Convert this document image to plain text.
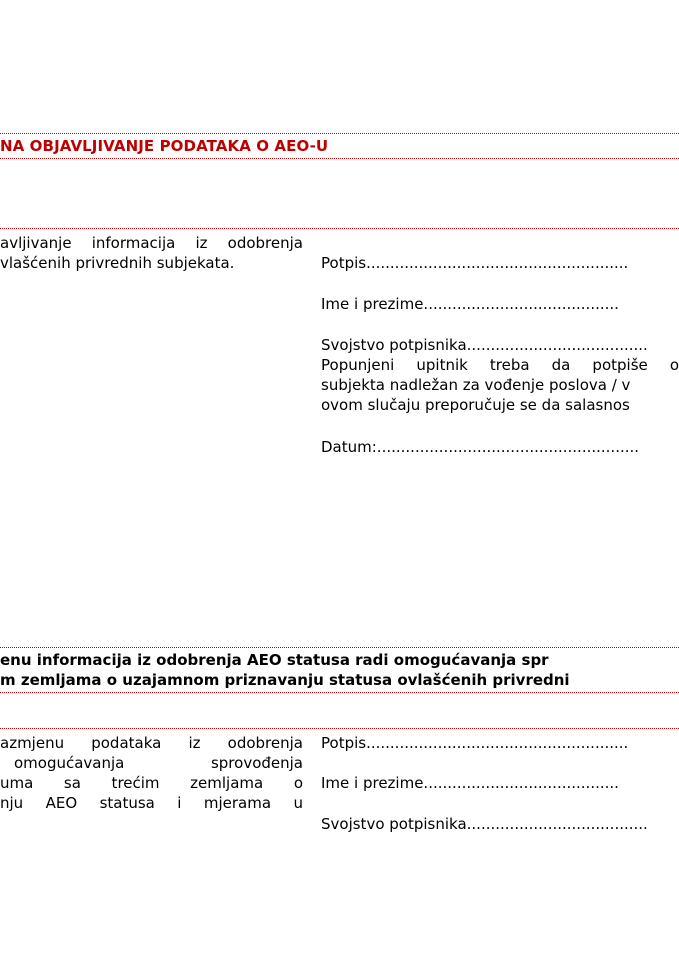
NA OBJAVLJIVANJE PODATAKA O AEO-U
avljivanje informacija iz odobrenja
vlašćenih privrednih subjekata.	Potpis.......................................................
Ime i prezime.........................................
Svojstvo potpisnika......................................
Popunjeni upitnik treba da potpiše o
subjekta nadležan za vođenje poslova / v
ovom slučaju preporučuje se da salasnos
Datum:.......................................................
enu informacija iz odobrenja AEO statusa radi omogućavanja spr
m zemljama o uzajamnom priznavanju statusa ovlašćenih privredni
azmjenu podataka iz odobrenja
omogućavanja sprovođenja
uma sa trećim zemljama o
nju AEO statusa i mjerama u
Potpis.......................................................
Ime i prezime.........................................
Svojstvo potpisnika......................................
